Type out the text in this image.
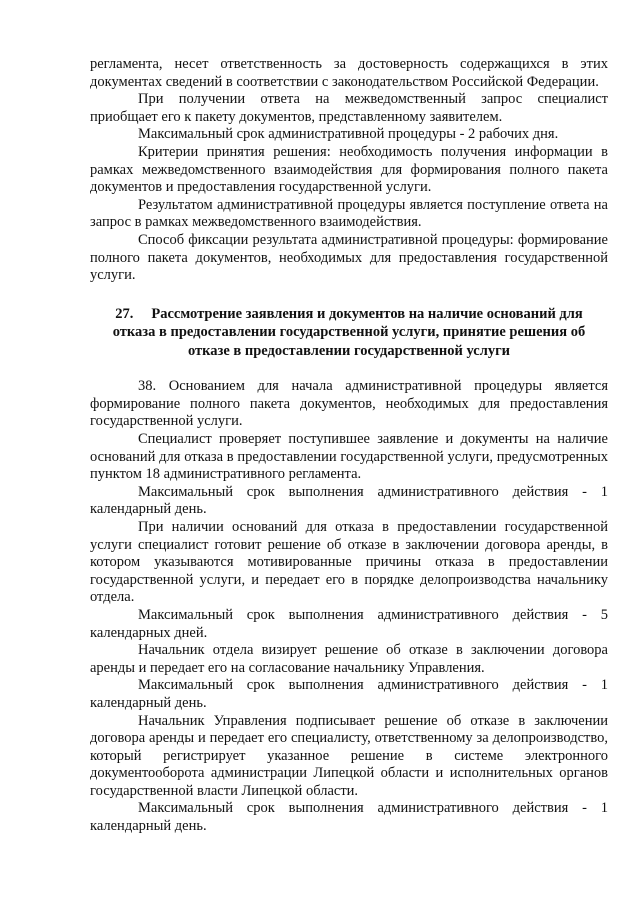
регламента, несет ответственность за достоверность содержащихся в этих документах сведений в соответствии с законодательством Российской Федерации.

При получении ответа на межведомственный запрос специалист приобщает его к пакету документов, представленному заявителем.

Максимальный срок административной процедуры - 2 рабочих дня.

Критерии принятия решения: необходимость получения информации в рамках межведомственного взаимодействия для формирования полного пакета документов и предоставления государственной услуги.

Результатом административной процедуры является поступление ответа на запрос в рамках межведомственного взаимодействия.

Способ фиксации результата административной процедуры: формирование полного пакета документов, необходимых для предоставления государственной услуги.

27. Рассмотрение заявления и документов на наличие оснований для отказа в предоставлении государственной услуги, принятие решения об отказе в предоставлении государственной услуги

38. Основанием для начала административной процедуры является формирование полного пакета документов, необходимых для предоставления государственной услуги.

Специалист проверяет поступившее заявление и документы на наличие оснований для отказа в предоставлении государственной услуги, предусмотренных пунктом 18 административного регламента.

Максимальный срок выполнения административного действия - 1 календарный день.

При наличии оснований для отказа в предоставлении государственной услуги специалист готовит решение об отказе в заключении договора аренды, в котором указываются мотивированные причины отказа в предоставлении государственной услуги, и передает его в порядке делопроизводства начальнику отдела.

Максимальный срок выполнения административного действия - 5 календарных дней.

Начальник отдела визирует решение об отказе в заключении договора аренды и передает его на согласование начальнику Управления.

Максимальный срок выполнения административного действия - 1 календарный день.

Начальник Управления подписывает решение об отказе в заключении договора аренды и передает его специалисту, ответственному за делопроизводство, который регистрирует указанное решение в системе электронного документооборота администрации Липецкой области и исполнительных органов государственной власти Липецкой области.

Максимальный срок выполнения административного действия - 1 календарный день.
